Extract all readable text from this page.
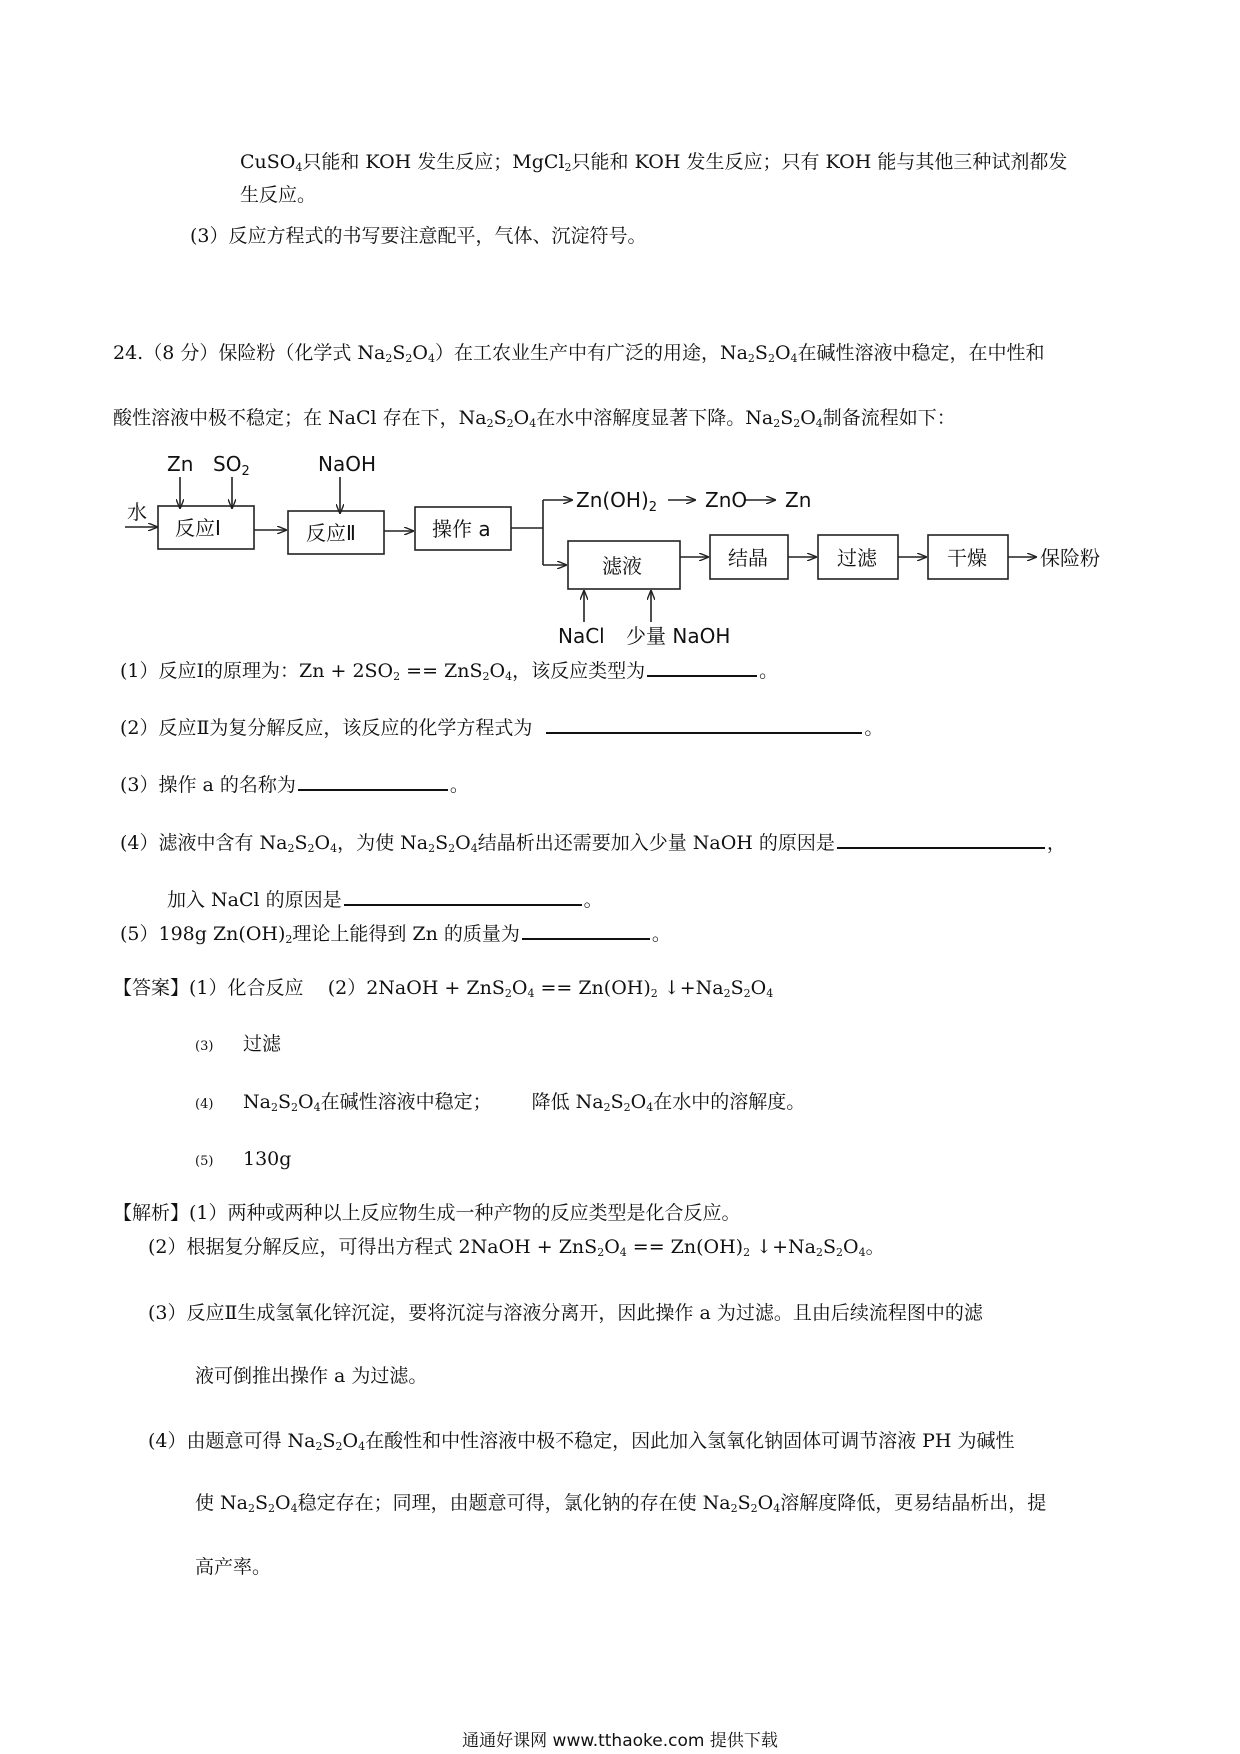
CuSO$_4$只能和 KOH 发生反应；MgCl$_2$只能和 KOH 发生反应；只有 KOH 能与其他三种试剂都发
生反应。
(3）反应方程式的书写要注意配平，气体、沉淀符号。
24.（8 分）保险粉（化学式 $Na_2S_2O_4$）在工农业生产中有广泛的用途，$Na_2S_2O_4$在碱性溶液中稳定，在中性和
酸性溶液中极不稳定；在 NaCl 存在下，$Na_2S_2O_4$在水中溶解度显著下降。$Na_2S_2O_4$制备流程如下：
水
Zn $SO_2$	NaOH
反应Ⅰ	反应Ⅱ	操作 a
$Zn(OH)_2$ ZnO Zn
滤液	结晶	过滤	干燥	保险粉
NaCl 少量 NaOH
(1）反应Ⅰ的原理为：$Zn + 2SO_2 == ZnS_2O_4$，该反应类型为	。
(2）反应Ⅱ为复分解反应，该反应的化学方程式为	。
(3）操作 a 的名称为	。
(4）滤液中含有 $Na_2S_2O_4$，为使 $Na_2S_2O_4$结晶析出还需要加入少量 NaOH 的原因是	，
加入 NaCl 的原因是	。
(5）198g $Zn(OH)_2$理论上能得到 Zn 的质量为	。
【答案】(1）化合反应 (2）2NaOH + $ZnS_2O_4 == Zn(OH)_2$ $↓+Na_2S_2O_4$
(3) 过滤
(4) $Na_2S_2O_4$在碱性溶液中稳定； 降低 $Na_2S_2O_4$在水中的溶解度。
(5) 130g
【解析】(1）两种或两种以上反应物生成一种产物的反应类型是化合反应。
(2）根据复分解反应，可得出方程式 2NaOH + $ZnS_2O_4 == Zn(OH)_2$ $↓+Na_2S_2O_4$。
(3）反应Ⅱ生成氢氧化锌沉淀，要将沉淀与溶液分离开，因此操作 a 为过滤。且由后续流程图中的滤
液可倒推出操作 a 为过滤。
(4）由题意可得 $Na_2S_2O_4$在酸性和中性溶液中极不稳定，因此加入氢氧化钠固体可调节溶液 PH 为碱性
使 $Na_2S_2O_4$稳定存在；同理，由题意可得，氯化钠的存在使 $Na_2S_2O_4$溶解度降低，更易结晶析出，提
高产率。
通通好课网 www.tthaoke.com 提供下载
